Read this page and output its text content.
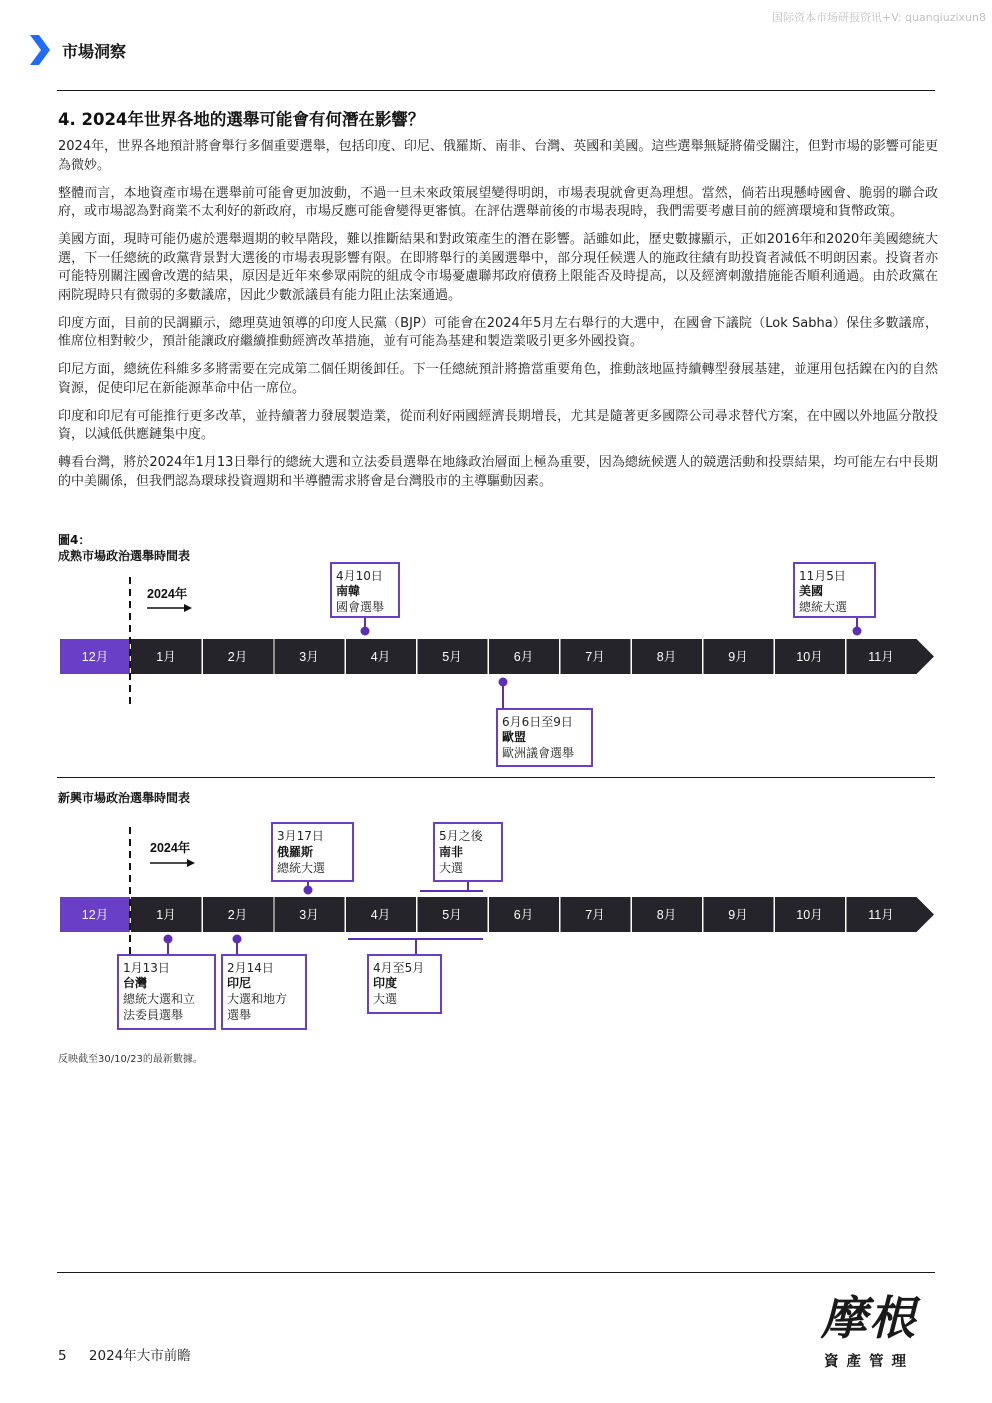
国际资本市场研报资讯+V: quanqiuzixun8
市場洞察
4. 2024年世界各地的選舉可能會有何潛在影響？

2024年，世界各地預計將會舉行多個重要選舉，包括印度、印尼、俄羅斯、南非、台灣、英國和美國。這些選舉無疑將備受關注，但對市場的影響可能更為微妙。

整體而言，本地資產市場在選舉前可能會更加波動，不過一旦未來政策展望變得明朗，市場表現就會更為理想。當然，倘若出現懸峙國會、脆弱的聯合政府，或市場認為對商業不太利好的新政府，市場反應可能會變得更審慎。在評估選舉前後的市場表現時，我們需要考慮目前的經濟環境和貨幣政策。

美國方面，現時可能仍處於選舉週期的較早階段，難以推斷結果和對政策產生的潛在影響。話雖如此，歷史數據顯示，正如2016年和2020年美國總統大選，下一任總統的政黨背景對大選後的市場表現影響有限。在即將舉行的美國選舉中，部分現任候選人的施政往績有助投資者減低不明朗因素。投資者亦可能特別關注國會改選的結果，原因是近年來參眾兩院的組成令市場憂慮聯邦政府債務上限能否及時提高，以及經濟刺激措施能否順利通過。由於政黨在兩院現時只有微弱的多數議席，因此少數派議員有能力阻止法案通過。

印度方面，目前的民調顯示，總理莫迪領導的印度人民黨（BJP）可能會在2024年5月左右舉行的大選中，在國會下議院（Lok Sabha）保住多數議席，惟席位相對較少，預計能讓政府繼續推動經濟改革措施，並有可能為基建和製造業吸引更多外國投資。

印尼方面，總統佐科維多多將需要在完成第二個任期後卸任。下一任總統預計將擔當重要角色，推動該地區持續轉型發展基建，並運用包括鎳在內的自然資源，促使印尼在新能源革命中佔一席位。

印度和印尼有可能推行更多改革，並持續著力發展製造業，從而利好兩國經濟長期增長，尤其是隨著更多國際公司尋求替代方案，在中國以外地區分散投資，以減低供應鏈集中度。

轉看台灣，將於2024年1月13日舉行的總統大選和立法委員選舉在地緣政治層面上極為重要，因為總統候選人的競選活動和投票結果，均可能左右中長期的中美關係，但我們認為環球投資週期和半導體需求將會是台灣股市的主導驅動因素。

圖4：
成熟市場政治選舉時間表
12月	1月	2月	3月	4月	5月	6月	7月	8月	9月	10月	11月
2024年
4月10日
南韓
國會選舉
11月5日
美國
總統大選
6月6日至9日
歐盟
歐洲議會選舉
新興市場政治選舉時間表
12月	1月	2月	3月	4月	5月	6月	7月	8月	9月	10月	11月
2024年
3月17日
俄羅斯
總統大選
5月之後
南非
大選
1月13日
台灣
總統大選和立
法委員選舉
2月14日
印尼
大選和地方
選舉
4月至5月
印度
大選
反映截至30/10/23的最新數據。
5 2024年大市前瞻
摩根
資產管理
